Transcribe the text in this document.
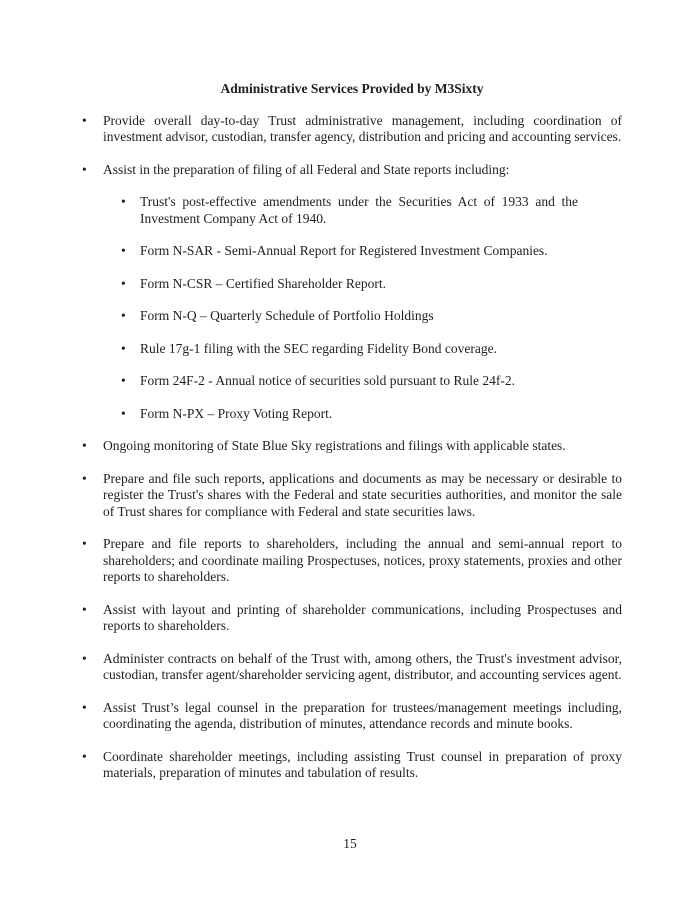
Administrative Services Provided by M3Sixty
•	Provide overall day-to-day Trust administrative management, including coordination of investment advisor, custodian, transfer agency, distribution and pricing and accounting services.
•	Assist in the preparation of filing of all Federal and State reports including:
•	Trust's post-effective amendments under the Securities Act of 1933 and the Investment Company Act of 1940.
•	Form N-SAR - Semi-Annual Report for Registered Investment Companies.
•	Form N-CSR – Certified Shareholder Report.
•	Form N-Q – Quarterly Schedule of Portfolio Holdings
•	Rule 17g-1 filing with the SEC regarding Fidelity Bond coverage.
•	Form 24F-2 - Annual notice of securities sold pursuant to Rule 24f-2.
•	Form N-PX – Proxy Voting Report.
•	Ongoing monitoring of State Blue Sky registrations and filings with applicable states.
•	Prepare and file such reports, applications and documents as may be necessary or desirable to register the Trust's shares with the Federal and state securities authorities, and monitor the sale of Trust shares for compliance with Federal and state securities laws.
•	Prepare and file reports to shareholders, including the annual and semi-annual report to shareholders; and coordinate mailing Prospectuses, notices, proxy statements, proxies and other reports to shareholders.
•	Assist with layout and printing of shareholder communications, including Prospectuses and reports to shareholders.
•	Administer contracts on behalf of the Trust with, among others, the Trust's investment advisor, custodian, transfer agent/shareholder servicing agent, distributor, and accounting services agent.
•	Assist Trust’s legal counsel in the preparation for trustees/management meetings including, coordinating the agenda, distribution of minutes, attendance records and minute books.
•	Coordinate shareholder meetings, including assisting Trust counsel in preparation of proxy materials, preparation of minutes and tabulation of results.
15
